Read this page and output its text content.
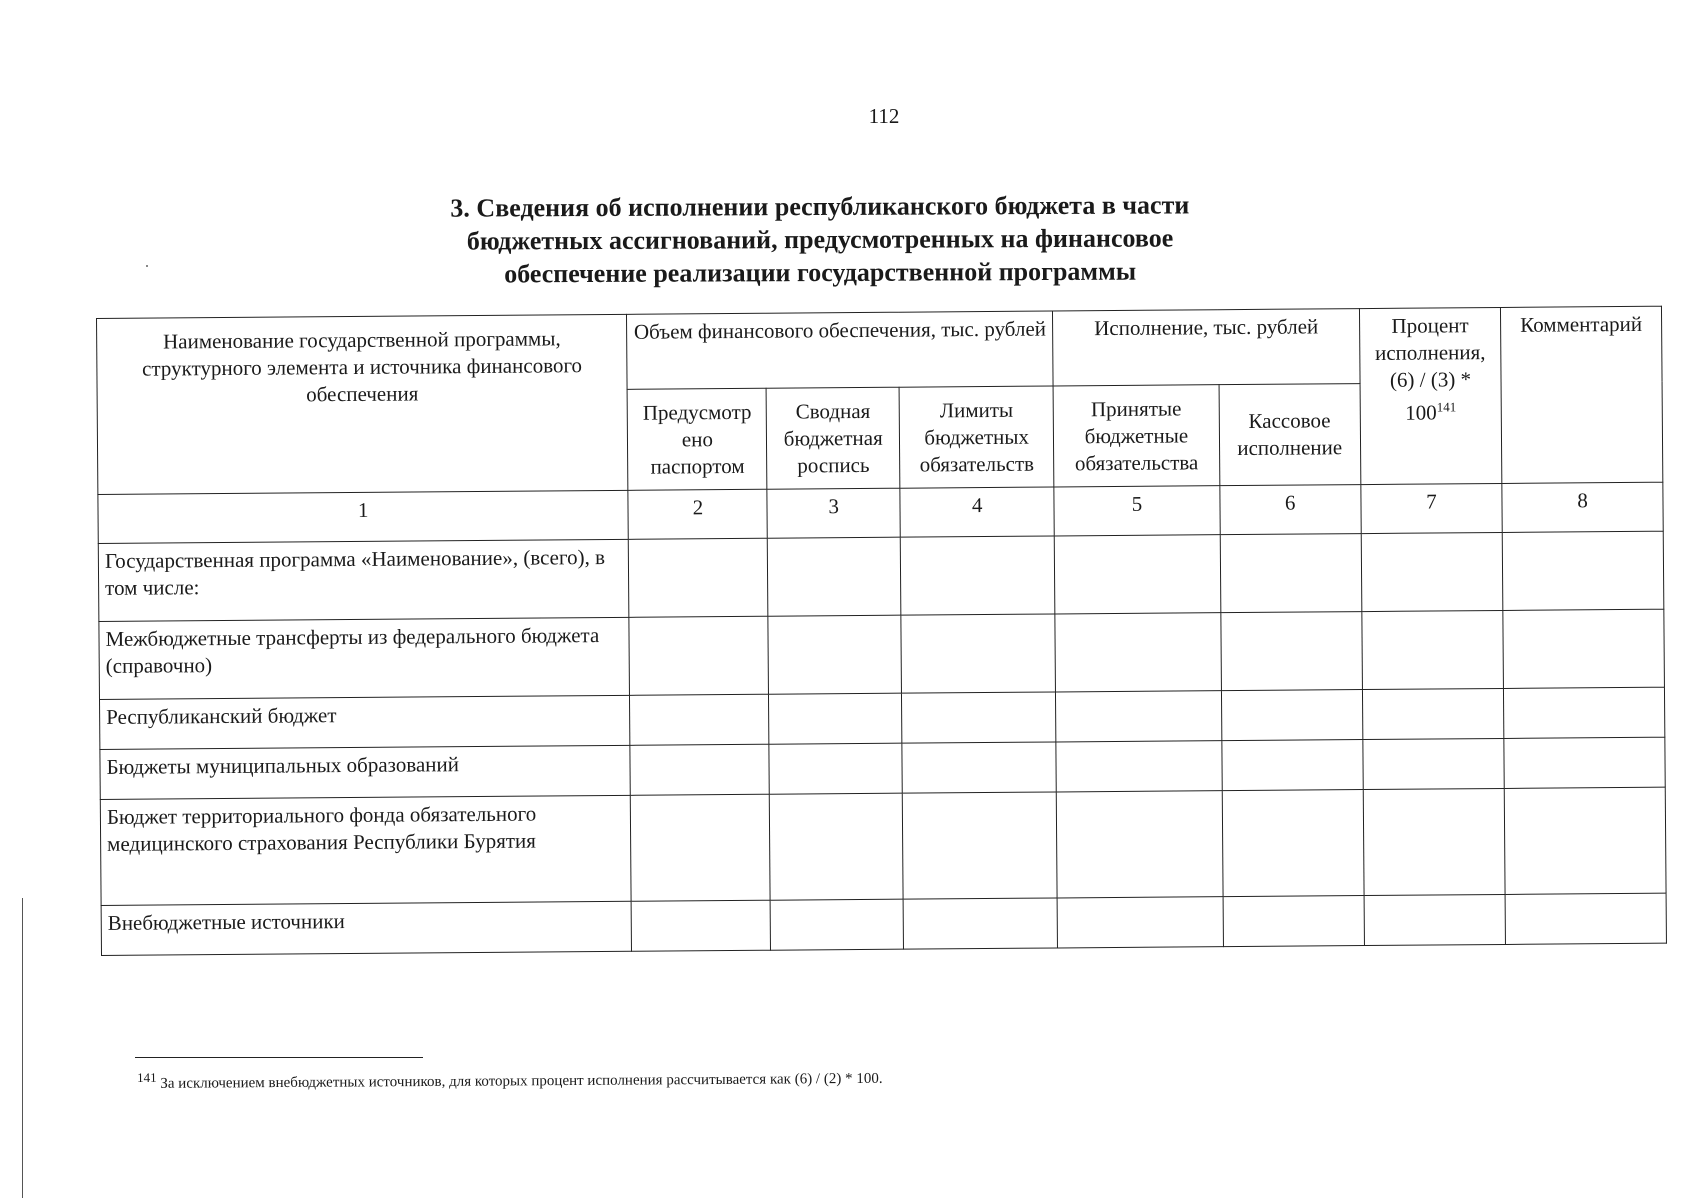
112
3. Сведения об исполнении республиканского бюджета в части
бюджетных ассигнований, предусмотренных на финансовое
обеспечение реализации государственной программы
Наименование государственной программы, структурного элемента и источника финансового обеспечения	Объем финансового обеспечения, тыс. рублей			Исполнение, тыс. рублей		Процент исполнения, $(6) / (3) * 100^{141}$	Комментарий
	Предусмотр ено паспортом	Сводная бюджетная роспись	Лимиты бюджетных обязательств	Принятые бюджетные обязательства	Кассовое исполнение		
1	2	3	4	5	6	7	8
Государственная программа «Наименование», (всего), в том числе:							
Межбюджетные трансферты из федерального бюджета (справочно)							
Республиканский бюджет							
Бюджеты муниципальных образований							
Бюджет территориального фонда обязательного медицинского страхования Республики Бурятия							
Внебюджетные источники							
$^{141}$ За исключением внебюджетных источников, для которых процент исполнения рассчитывается как (6) / (2) * 100.
